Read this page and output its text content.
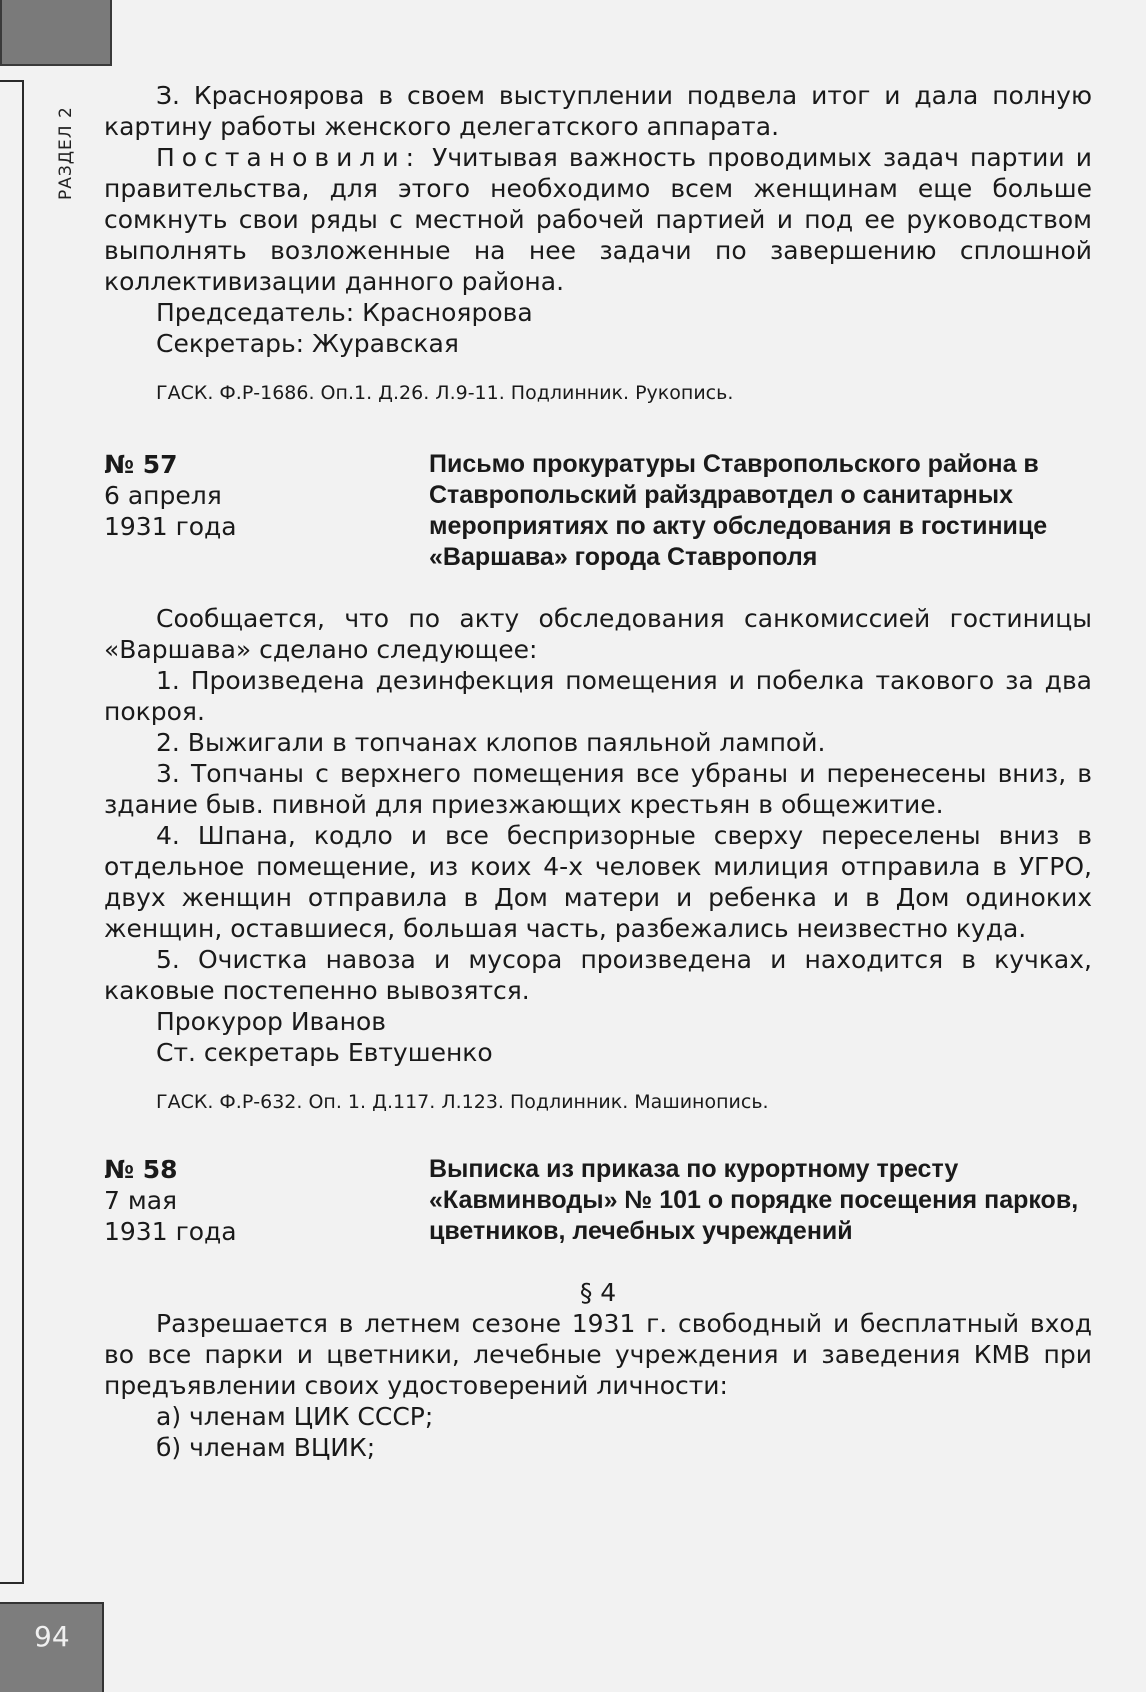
РАЗДЕЛ 2
94

З. Красноярова в своем выступлении подвела итог и дала полную картину работы женского делегатского аппарата.

Постановили: Учитывая важность проводимых задач партии и правительства, для этого необходимо всем женщинам еще больше сомкнуть свои ряды с местной рабочей партией и под ее руководством выполнять возложенные на нее задачи по завершению сплошной коллективизации данного района.

Председатель: Красноярова

Секретарь: Журавская

ГАСК. Ф.Р-1686. Оп.1. Д.26. Л.9-11. Подлинник. Рукопись.

№ 57
6 апреля
1931 года
Письмо прокуратуры Ставропольского района в Ставропольский райздравотдел о санитарных мероприятиях по акту обследования в гостинице «Варшава» города Ставрополя

Сообщается, что по акту обследования санкомиссией гостиницы «Варшава» сделано следующее:

1. Произведена дезинфекция помещения и побелка такового за два покроя.

2. Выжигали в топчанах клопов паяльной лампой.

3. Топчаны с верхнего помещения все убраны и перенесены вниз, в здание быв. пивной для приезжающих крестьян в общежитие.

4. Шпана, кодло и все беспризорные сверху переселены вниз в отдельное помещение, из коих 4-х человек милиция отправила в УГРО, двух женщин отправила в Дом матери и ребенка и в Дом одиноких женщин, оставшиеся, большая часть, разбежались неизвестно куда.

5. Очистка навоза и мусора произведена и находится в кучках, каковые постепенно вывозятся.

Прокурор Иванов

Ст. секретарь Евтушенко

ГАСК. Ф.Р-632. Оп. 1. Д.117. Л.123. Подлинник. Машинопись.

№ 58
7 мая
1931 года
Выписка из приказа по курортному тресту «Кавминводы» № 101 о порядке посещения парков, цветников, лечебных учреждений

§ 4

Разрешается в летнем сезоне 1931 г. свободный и бесплатный вход во все парки и цветники, лечебные учреждения и заведения КМВ при предъявлении своих удостоверений личности:

а) членам ЦИК СССР;

б) членам ВЦИК;
